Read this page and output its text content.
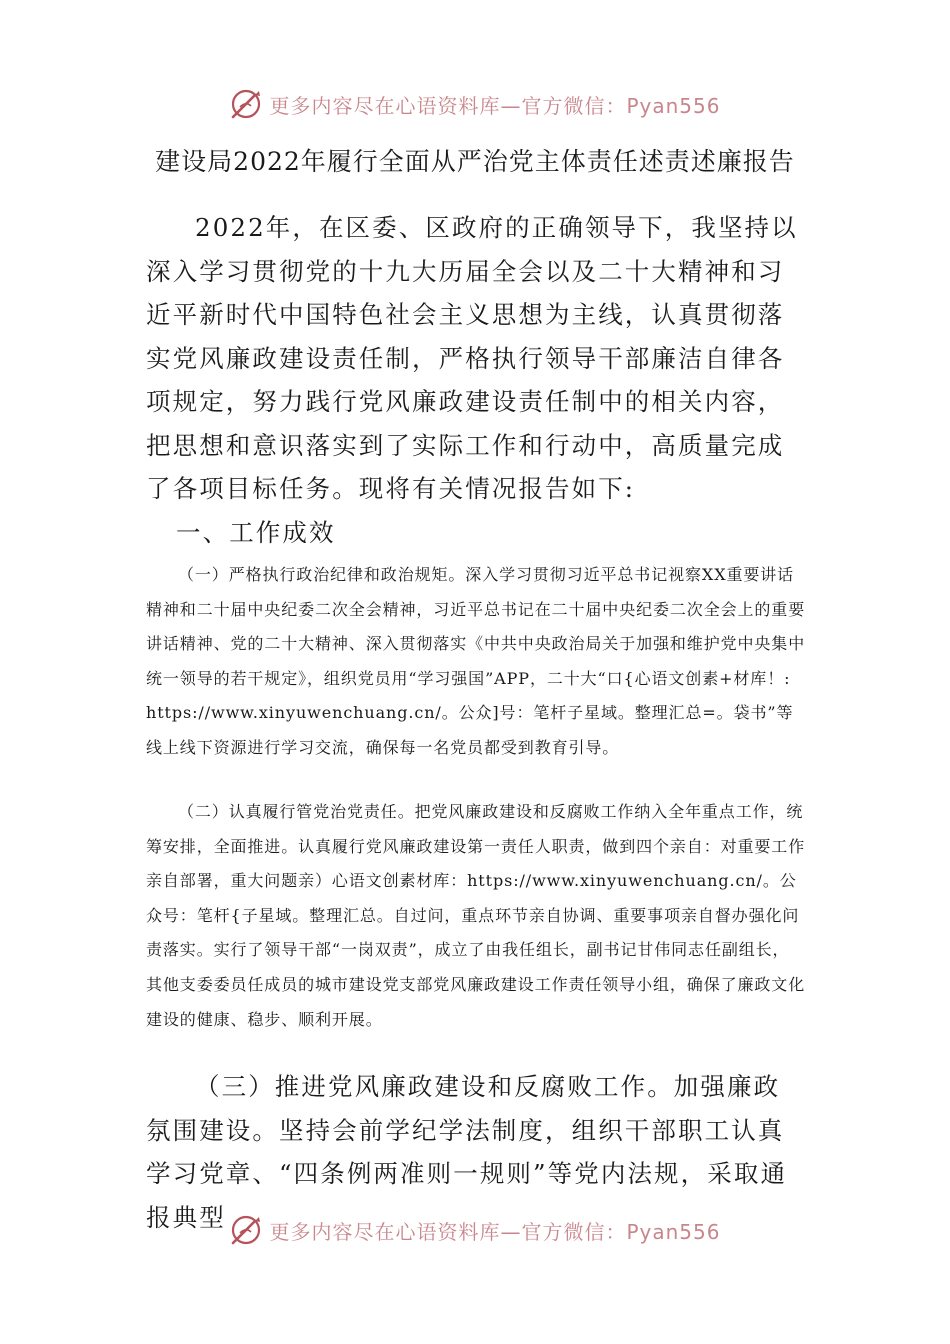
更多内容尽在心语资料库—官方微信：Pyan556
建设局2022年履行全面从严治党主体责任述责述廉报告

2022年，在区委、区政府的正确领导下，我坚持以深入学习贯彻党的十九大历届全会以及二十大精神和习近平新时代中国特色社会主义思想为主线，认真贯彻落实党风廉政建设责任制，严格执行领导干部廉洁自律各项规定，努力践行党风廉政建设责任制中的相关内容，把思想和意识落实到了实际工作和行动中，高质量完成了各项目标任务。现将有关情况报告如下:

一、工作成效

（一）严格执行政治纪律和政治规矩。深入学习贯彻习近平总书记视察XX重要讲话精神和二十届中央纪委二次全会精神，习近平总书记在二十届中央纪委二次全会上的重要讲话精神、党的二十大精神、深入贯彻落实《中共中央政治局关于加强和维护党中央集中统一领导的若干规定》，组织党员用“学习强国”APP，二十大“口{心语文创素+材库！: https://www.xinyuwenchuang.cn/。公众]号：笔杆子星域。整理汇总=。袋书”等线上线下资源进行学习交流，确保每一名党员都受到教育引导。

（二）认真履行管党治党责任。把党风廉政建设和反腐败工作纳入全年重点工作，统筹安排，全面推进。认真履行党风廉政建设第一责任人职责，做到四个亲自：对重要工作亲自部署，重大问题亲）心语文创素材库：https://www.xinyuwenchuang.cn/。公众号：笔杆{子星域。整理汇总。自过问，重点环节亲自协调、重要事项亲自督办强化问责落实。实行了领导干部“一岗双责”，成立了由我任组长，副书记甘伟同志任副组长，其他支委委员任成员的城市建设党支部党风廉政建设工作责任领导小组，确保了廉政文化建设的健康、稳步、顺利开展。

（三）推进党风廉政建设和反腐败工作。加强廉政氛围建设。坚持会前学纪学法制度，组织干部职工认真学习党章、“四条例两准则一规则”等党内法规，采取通报典型	更多内容尽在心语资料库—官方微信：Pyan556
